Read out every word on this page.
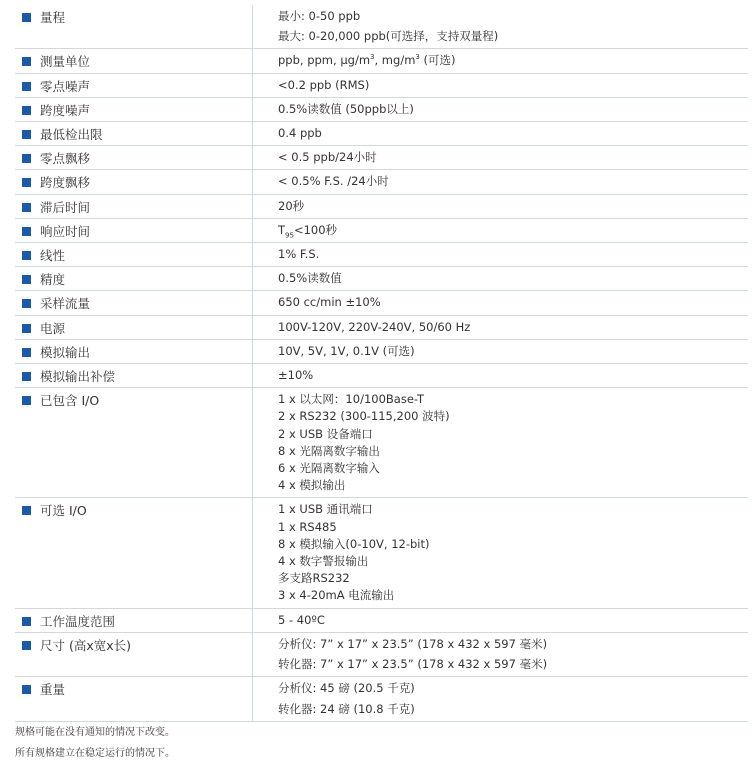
量程	最小: 0-50 ppb
最大: 0-20,000 ppb(可选择，支持双量程)
测量单位	ppb, ppm, $\mu g/m^3$, $mg/m^3$ (可选)
零点噪声	<0.2 ppb (RMS)
跨度噪声	0.5%读数值 (50ppb以上)
最低检出限	0.4 ppb
零点飘移	< 0.5 ppb/24小时
跨度飘移	< 0.5% F.S. /24小时
滞后时间	20秒
响应时间	$T_{95}<100$秒
线性	1% F.S.
精度	0.5%读数值
采样流量	650 cc/min ±10%
电源	100V-120V, 220V-240V, 50/60 Hz
模拟输出	10V, 5V, 1V, 0.1V (可选)
模拟输出补偿	±10%
已包含 I/O	1 x 以太网：10/100Base-T
2 x RS232 (300-115,200 波特)
2 x USB 设备端口
8 x 光隔离数字输出
6 x 光隔离数字输入
4 x 模拟输出
可选 I/O	1 x USB 通讯端口
1 x RS485
8 x 模拟输入(0-10V, 12-bit)
4 x 数字警报输出
多支路RS232
3 x 4-20mA 电流输出
工作温度范围	5 - 40ºC
尺寸 (高x宽x长)	分析仪: 7” x 17” x 23.5” (178 x 432 x 597 毫米)
转化器: 7” x 17” x 23.5” (178 x 432 x 597 毫米)
重量	分析仪: 45 磅 (20.5 千克)
转化器: 24 磅 (10.8 千克)
规格可能在没有通知的情况下改变。
所有规格建立在稳定运行的情况下。
